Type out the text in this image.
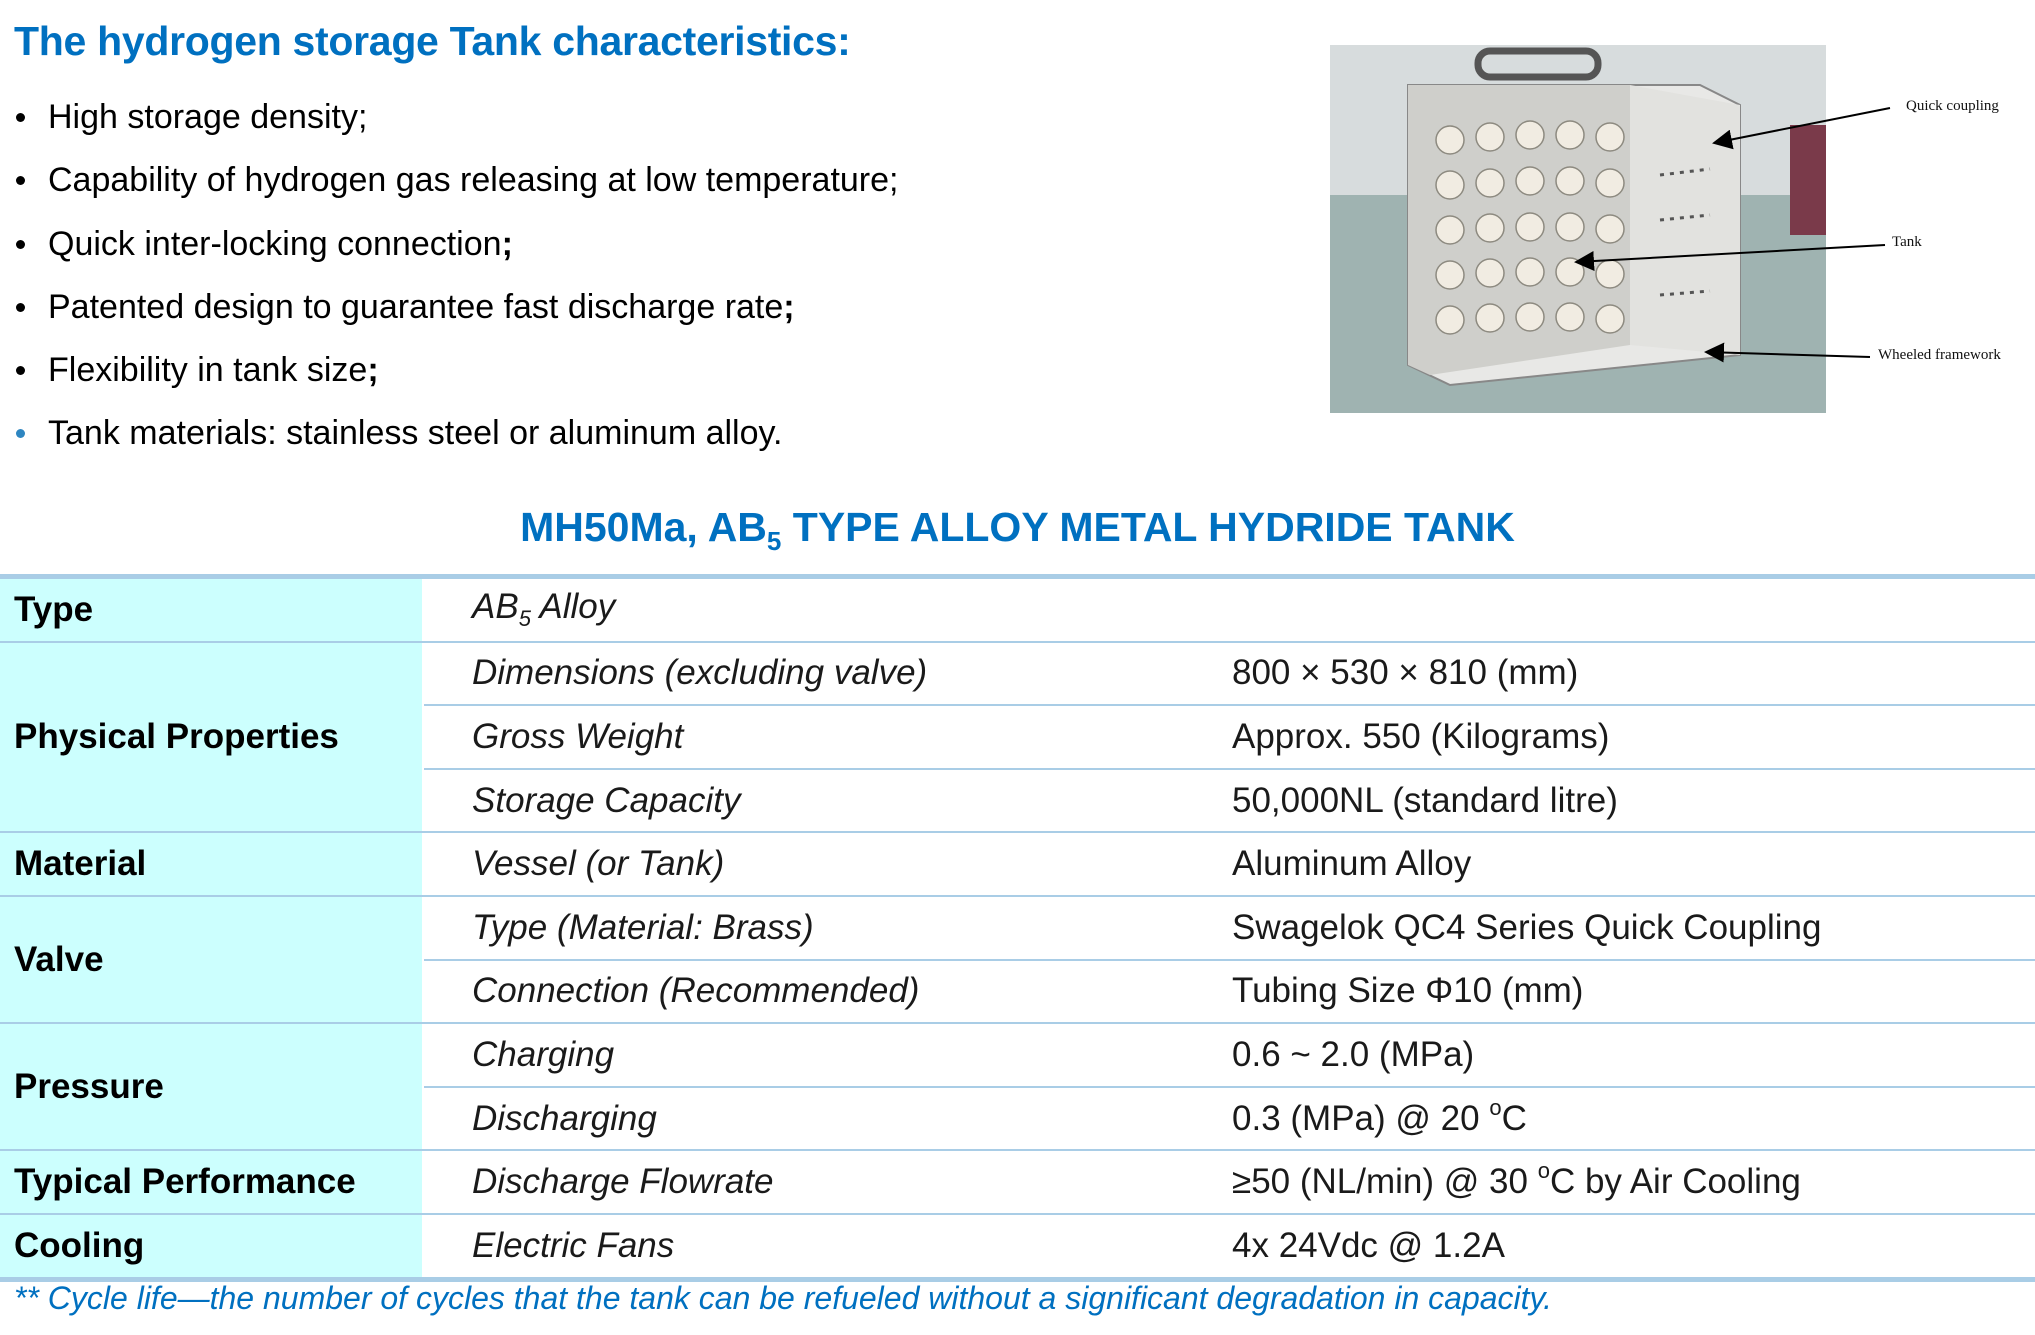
The hydrogen storage Tank characteristics:
High storage density;
Capability of hydrogen gas releasing at low temperature;
Quick inter-locking connection;
Patented design to guarantee fast discharge rate;
Flexibility in tank size;
Tank materials: stainless steel or aluminum alloy.
Quick coupling
Tank
Wheeled framework
MH50Ma, $AB_5$ TYPE ALLOY METAL HYDRIDE TANK
Type	$AB_5$ Alloy	
Physical Properties	Dimensions (excluding valve)	800 × 530 × 810 (mm)
	Gross Weight	Approx. 550 (Kilograms)
	Storage Capacity	50,000NL (standard litre)
Material	Vessel (or Tank)	Aluminum Alloy
Valve	Type (Material: Brass)	Swagelok QC4 Series Quick Coupling
	Connection (Recommended)	Tubing Size Φ10 (mm)
Pressure	Charging	0.6 ~ 2.0 (MPa)
	Discharging	0.3 (MPa) @ 20 $^o$C
Typical Performance	Discharge Flowrate	≥50 (NL/min) @ 30 $^o$C by Air Cooling
Cooling	Electric Fans	4x 24Vdc @ 1.2A
** Cycle life—the number of cycles that the tank can be refueled without a significant degradation in capacity.
